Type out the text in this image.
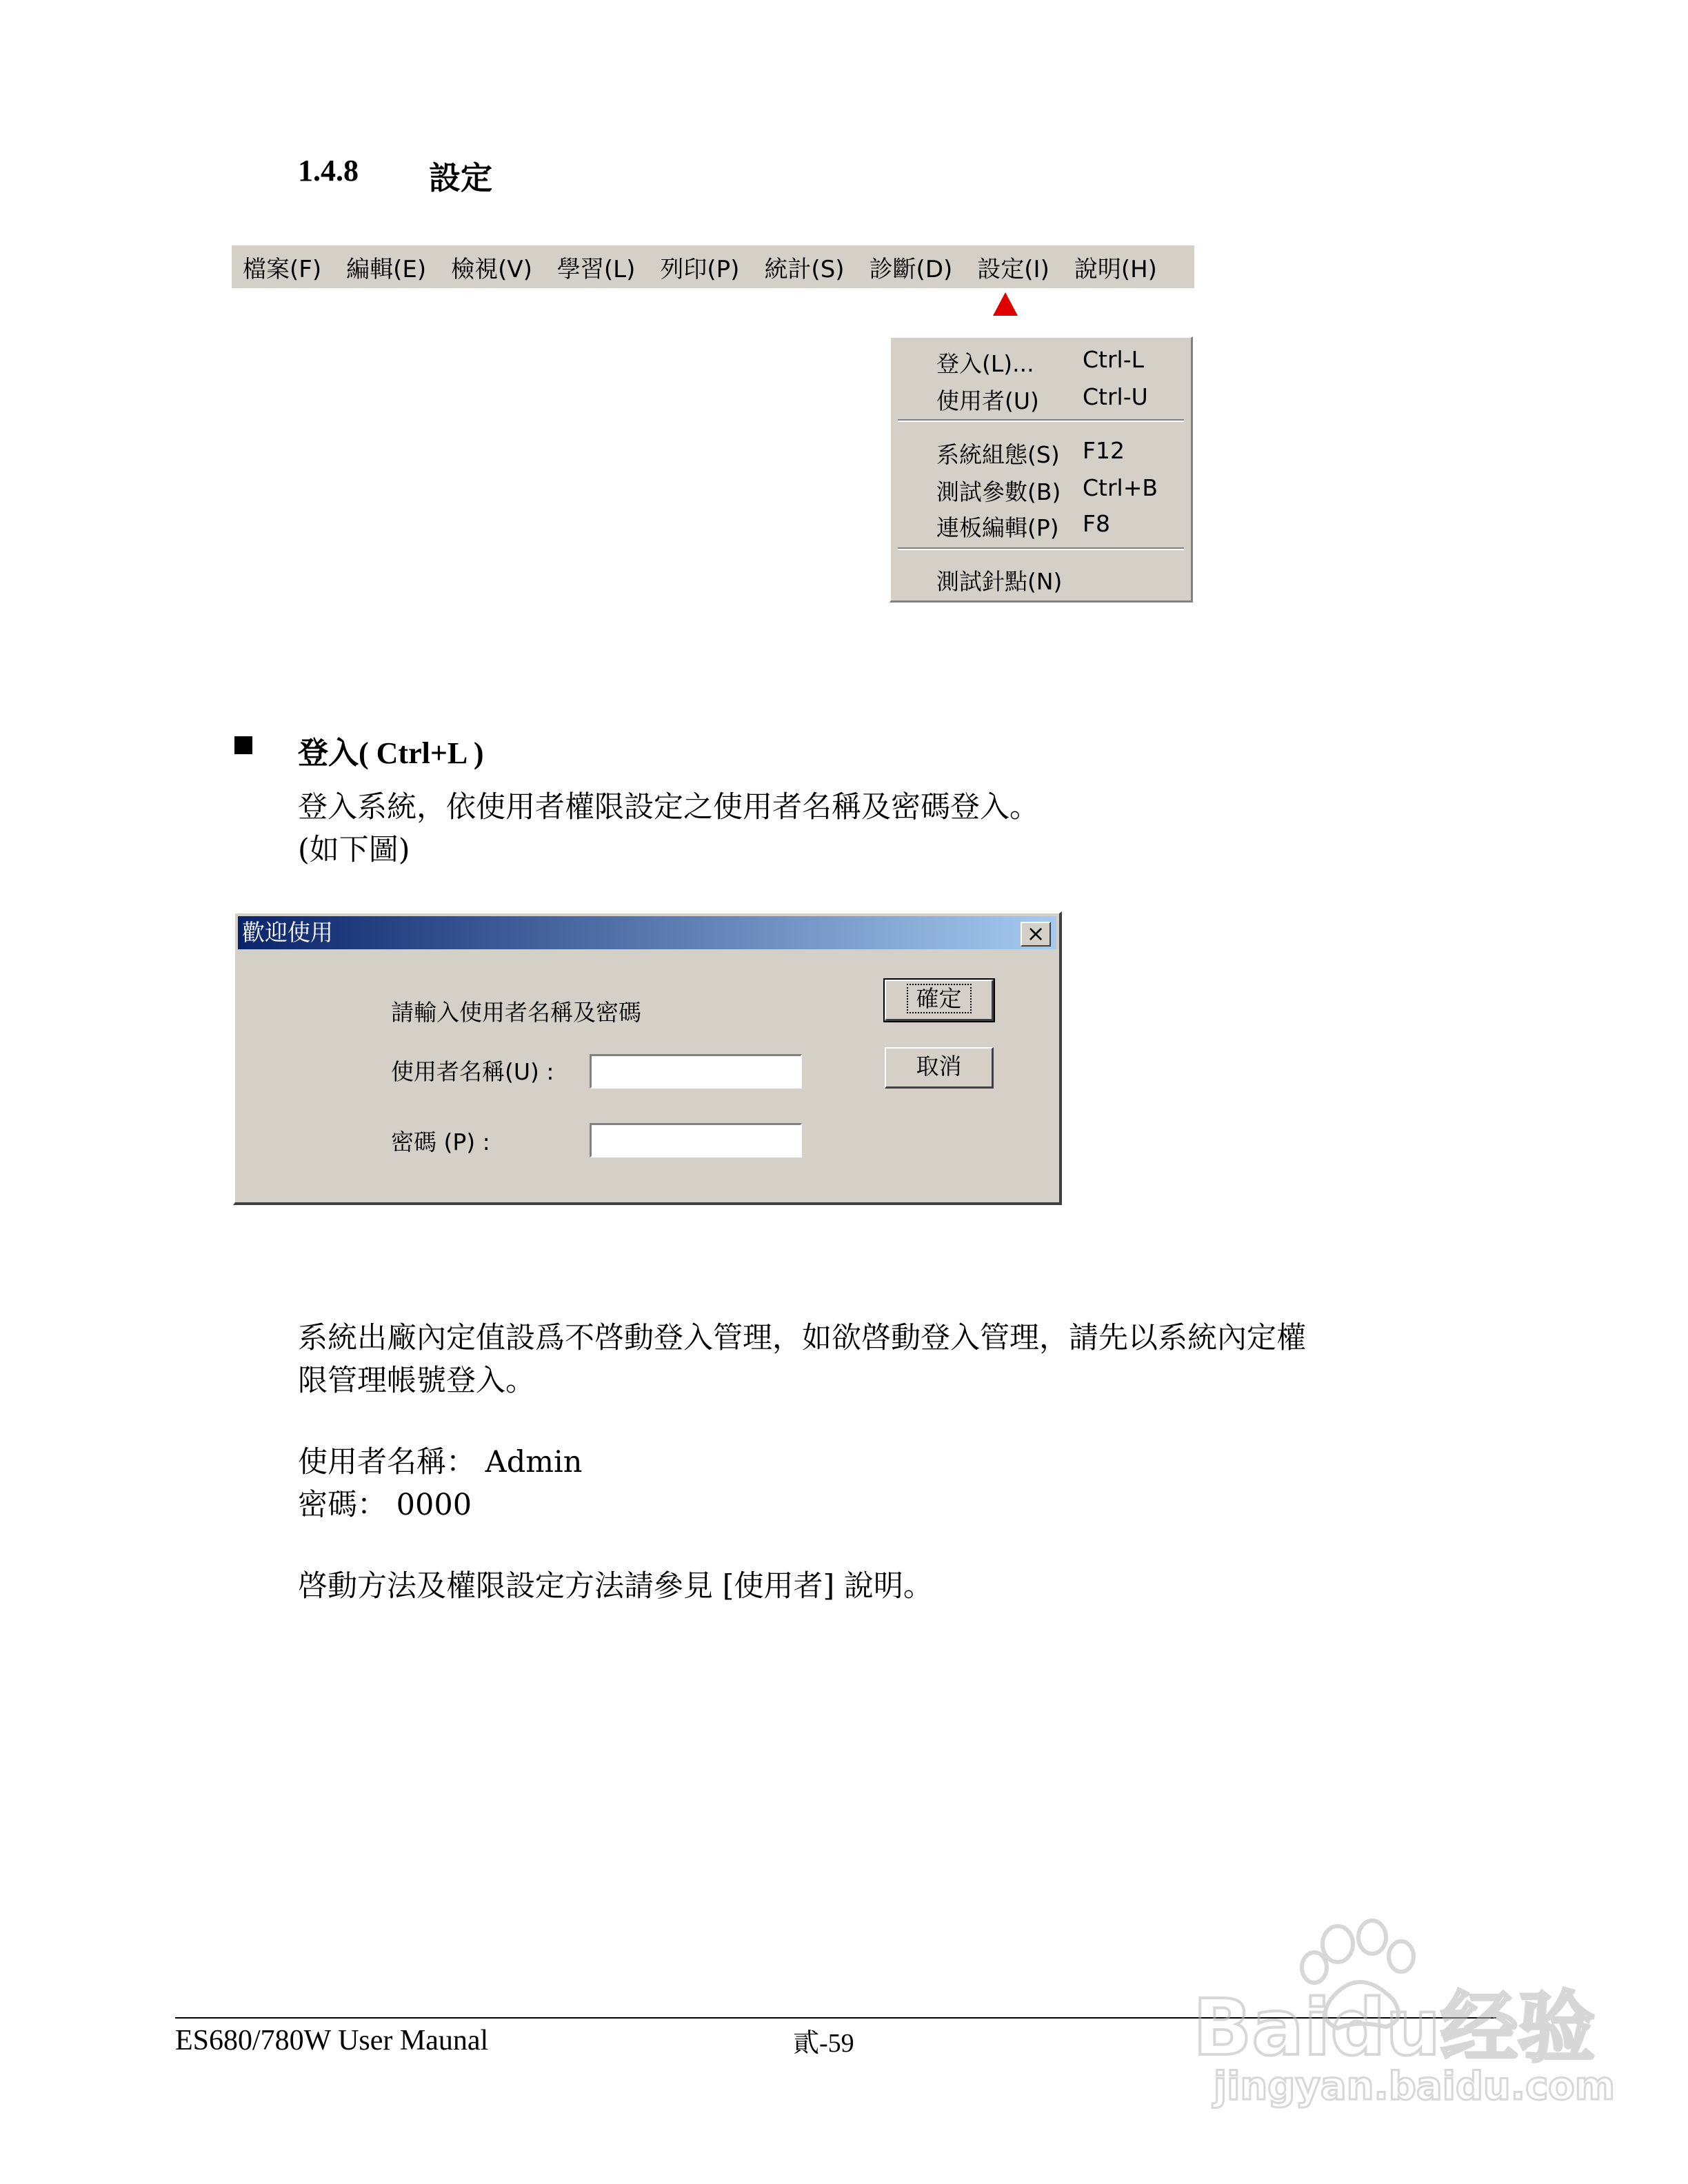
1.4.8 設定
檔案(F) 編輯(E) 檢視(V) 學習(L) 列印(P) 統計(S) 診斷(D) 設定(I) 說明(H)
登入(L)... Ctrl-L
使用者(U) Ctrl-U
系統組態(S) F12
測試參數(B) Ctrl+B
連板編輯(P) F8
測試針點(N)
登入( Ctrl+L )
登入系統，依使用者權限設定之使用者名稱及密碼登入。
(如下圖)
歡迎使用	×
請輸入使用者名稱及密碼
使用者名稱(U) :
密碼 (P) :
確定
取消
系統出廠內定值設爲不啓動登入管理，如欲啓動登入管理，請先以系統內定權
限管理帳號登入。
使用者名稱： Admin
密碼： 0000
啓動方法及權限設定方法請參見 [使用者] 說明。
ES680/780W User Maunal	貳-59	Baidu经验
jingyan.baidu.com
